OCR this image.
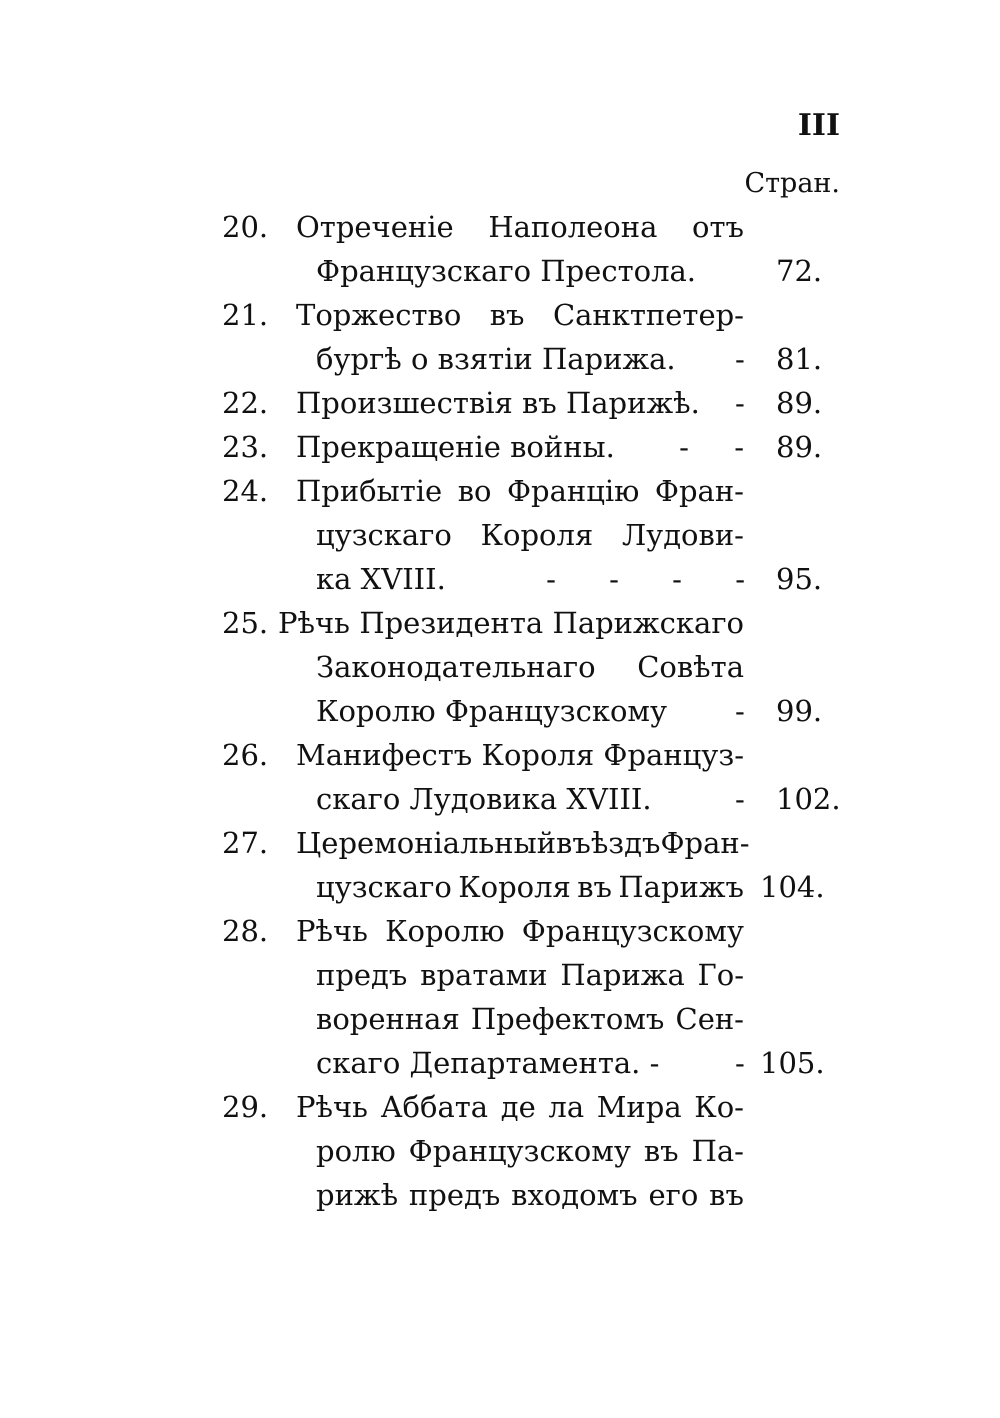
III
Стран.
20. Отреченіе Наполеона отъ
Французскаго Престола.	72.
21. Торжество въ Санктпетер-
бургѣ о взятіи Парижа.	- 81.
22. Произшествія въ Парижѣ.	- 89.
23. Прекращеніе войны.	- - 89.
24. Прибытіе во Францію Фран-
цузскаго Короля Лудови-
ка XVIII.	- - - - 95.
25. Рѣчь Президента Парижскаго
Законодательнаго Совѣта
Королю Французскому	- 99.
26. Манифестъ Короля Француз-
скаго Лудовика XVIII.	- 102.
27. Церемоніальный въѣздъ Фран-
цузскаго Короля въ Парижъ 104.
28. Рѣчь Королю Французскому
предъ вратами Парижа Го-
воренная Префектомъ Сен-
скаго Департамента. -	- 105.
29. Рѣчь Аббата де ла Мира Ко-
ролю Французскому въ Па-
рижѣ предъ входомъ его въ
